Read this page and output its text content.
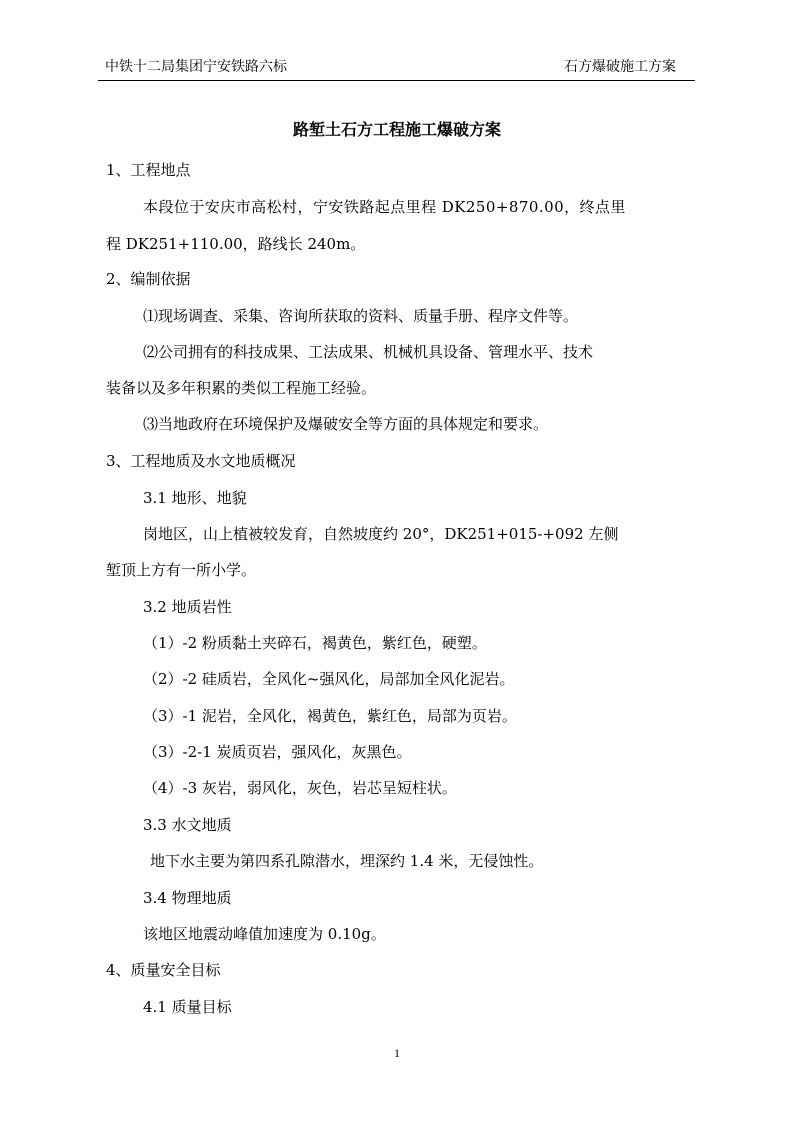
中铁十二局集团宁安铁路六标	石方爆破施工方案
路堑土石方工程施工爆破方案
1、工程地点
本段位于安庆市高松村，宁安铁路起点里程 DK250+870.00，终点里
程 DK251+110.00，路线长 240m。
2、编制依据
⑴现场调查、采集、咨询所获取的资料、质量手册、程序文件等。
⑵公司拥有的科技成果、工法成果、机械机具设备、管理水平、技术
装备以及多年积累的类似工程施工经验。
⑶当地政府在环境保护及爆破安全等方面的具体规定和要求。
3、工程地质及水文地质概况
3.1 地形、地貌
岗地区，山上植被较发育，自然坡度约 20°，DK251+015-+092 左侧
堑顶上方有一所小学。
3.2 地质岩性
（1）-2 粉质黏土夹碎石，褐黄色，紫红色，硬塑。
（2）-2 硅质岩，全风化~强风化，局部加全风化泥岩。
（3）-1 泥岩，全风化，褐黄色，紫红色，局部为页岩。
（3）-2-1 炭质页岩，强风化，灰黑色。
（4）-3 灰岩，弱风化，灰色，岩芯呈短柱状。
3.3 水文地质
地下水主要为第四系孔隙潜水，埋深约 1.4 米，无侵蚀性。
3.4 物理地质
该地区地震动峰值加速度为 0.10g。
4、质量安全目标
4.1 质量目标
1
